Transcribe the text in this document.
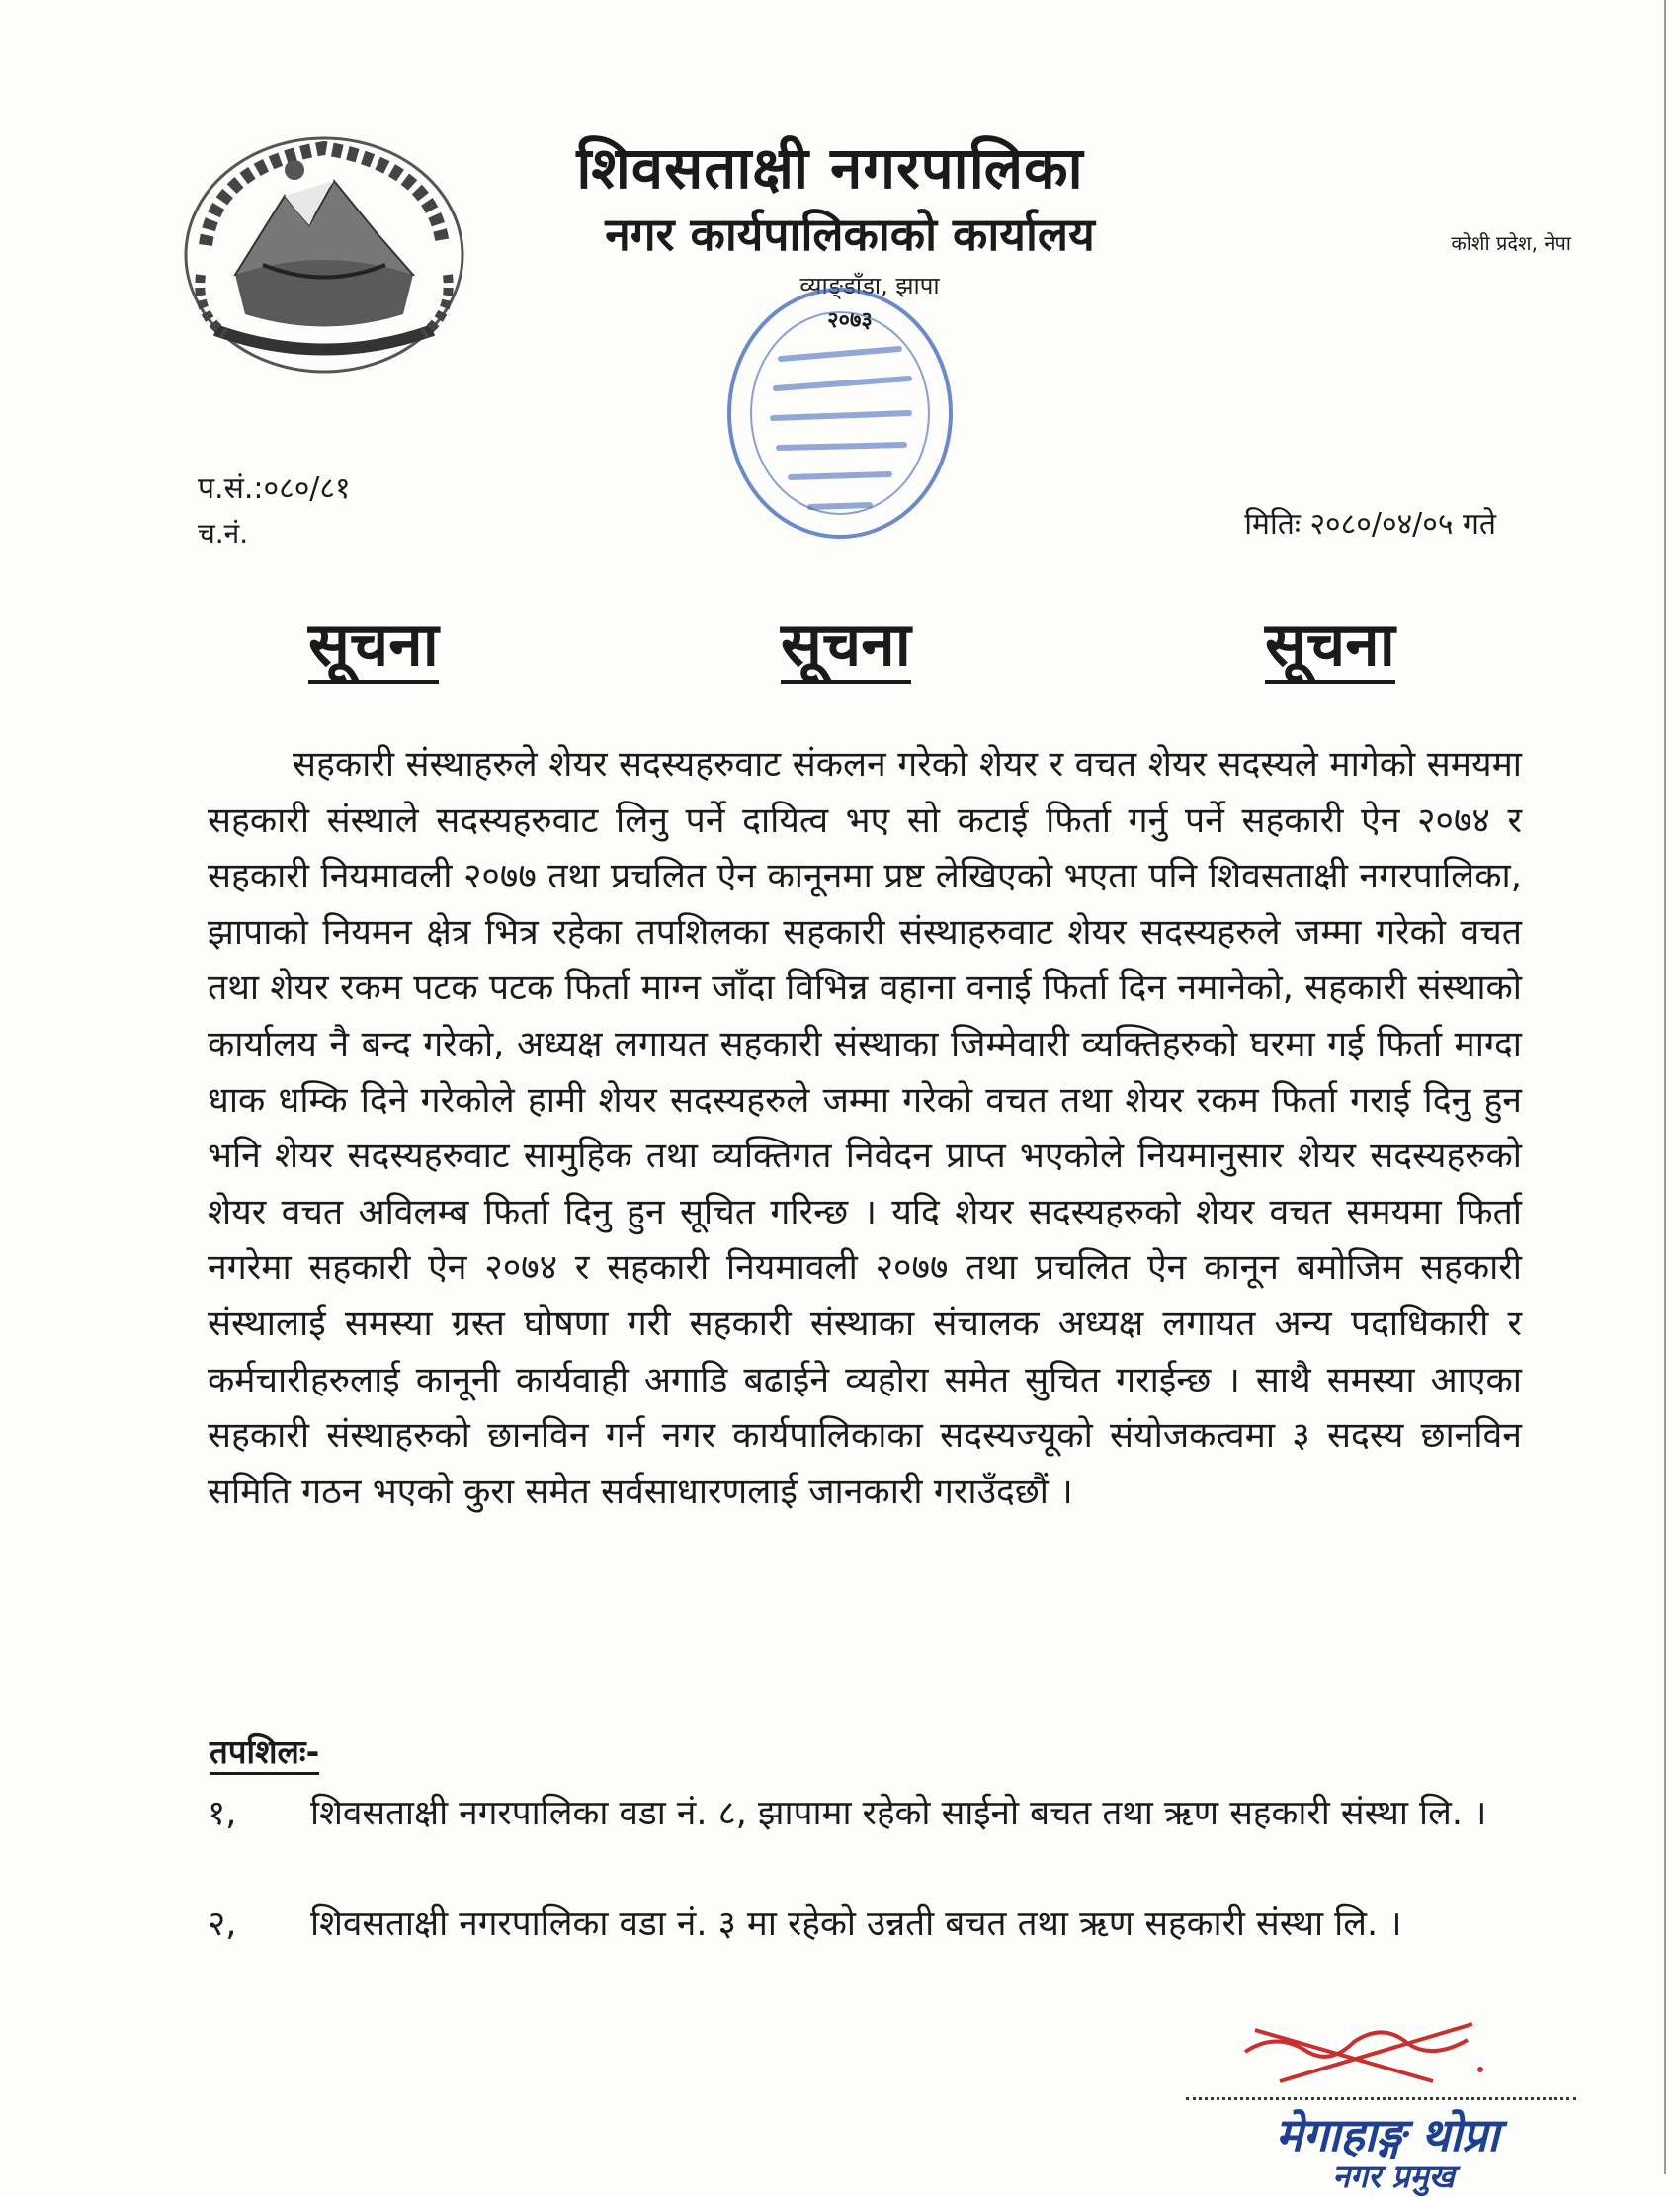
शिवसताक्षी नगरपालिका
नगर कार्यपालिकाको कार्यालय
व्याङ्डाँडा, झापा
२०७३
कोशी प्रदेश, नेपा
प.सं.:०८०/८१
च.नं.	मितिः २०८०/०४/०५ गते
सूचना	सूचना	सूचना
सहकारी संस्थाहरुले शेयर सदस्यहरुवाट संकलन गरेको शेयर र वचत शेयर सदस्यले मागेको समयमा सहकारी संस्थाले सदस्यहरुवाट लिनु पर्ने दायित्व भए सो कटाई फिर्ता गर्नु पर्ने सहकारी ऐन २०७४ र सहकारी नियमावली २०७७ तथा प्रचलित ऐन कानूनमा प्रष्ट लेखिएको भएता पनि शिवसताक्षी नगरपालिका, झापाको नियमन क्षेत्र भित्र रहेका तपशिलका सहकारी संस्थाहरुवाट शेयर सदस्यहरुले जम्मा गरेको वचत तथा शेयर रकम पटक पटक फिर्ता माग्न जाँदा विभिन्न वहाना वनाई फिर्ता दिन नमानेको, सहकारी संस्थाको कार्यालय नै बन्द गरेको, अध्यक्ष लगायत सहकारी संस्थाका जिम्मेवारी व्यक्तिहरुको घरमा गई फिर्ता माग्दा धाक धम्कि दिने गरेकोले हामी शेयर सदस्यहरुले जम्मा गरेको वचत तथा शेयर रकम फिर्ता गराई दिनु हुन भनि शेयर सदस्यहरुवाट सामुहिक तथा व्यक्तिगत निवेदन प्राप्त भएकोले नियमानुसार शेयर सदस्यहरुको शेयर वचत अविलम्ब फिर्ता दिनु हुन सूचित गरिन्छ । यदि शेयर सदस्यहरुको शेयर वचत समयमा फिर्ता नगरेमा सहकारी ऐन २०७४ र सहकारी नियमावली २०७७ तथा प्रचलित ऐन कानून बमोजिम सहकारी संस्थालाई समस्या ग्रस्त घोषणा गरी सहकारी संस्थाका संचालक अध्यक्ष लगायत अन्य पदाधिकारी र कर्मचारीहरुलाई कानूनी कार्यवाही अगाडि बढाईने व्यहोरा समेत सुचित गराईन्छ । साथै समस्या आएका सहकारी संस्थाहरुको छानविन गर्न नगर कार्यपालिकाका सदस्यज्यूको संयोजकत्वमा ३ सदस्य छानविन समिति गठन भएको कुरा समेत सर्वसाधारणलाई जानकारी गराउँदछौं ।
तपशिलः-
१,	शिवसताक्षी नगरपालिका वडा नं. ८, झापामा रहेको साईनो बचत तथा ऋण सहकारी संस्था लि. ।
२,	शिवसताक्षी नगरपालिका वडा नं. ३ मा रहेको उन्नती बचत तथा ऋण सहकारी संस्था लि. ।
मेगाहाङ्ग थोप्रा
नगर प्रमुख
